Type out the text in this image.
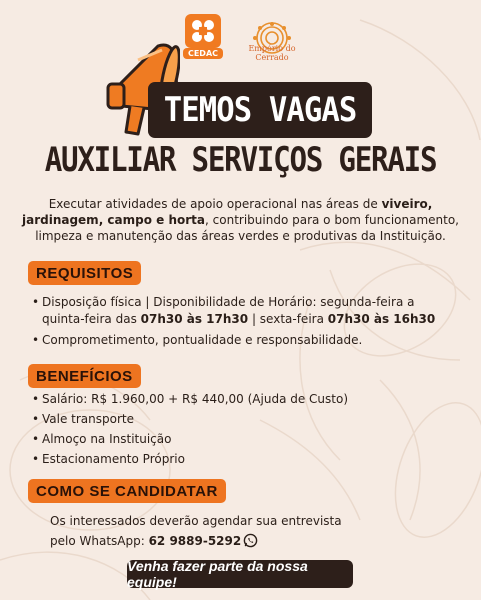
CEDAC
Empório do
Cerrado
TEMOS VAGAS
AUXILIAR SERVIÇOS GERAIS
Executar atividades de apoio operacional nas áreas de viveiro, jardinagem, campo e horta, contribuindo para o bom funcionamento, limpeza e manutenção das áreas verdes e produtivas da Instituição.
REQUISITOS
• Disposição física | Disponibilidade de Horário: segunda-feira a quinta-feira das 07h30 às 17h30 | sexta-feira 07h30 às 16h30
• Comprometimento, pontualidade e responsabilidade.
BENEFÍCIOS
• Salário: R$ 1.960,00 + R$ 440,00 (Ajuda de Custo)
• Vale transporte
• Almoço na Instituição
• Estacionamento Próprio
COMO SE CANDIDATAR
Os interessados deverão agendar sua entrevista
pelo WhatsApp: 62 9889-5292
Venha fazer parte da nossa equipe!
